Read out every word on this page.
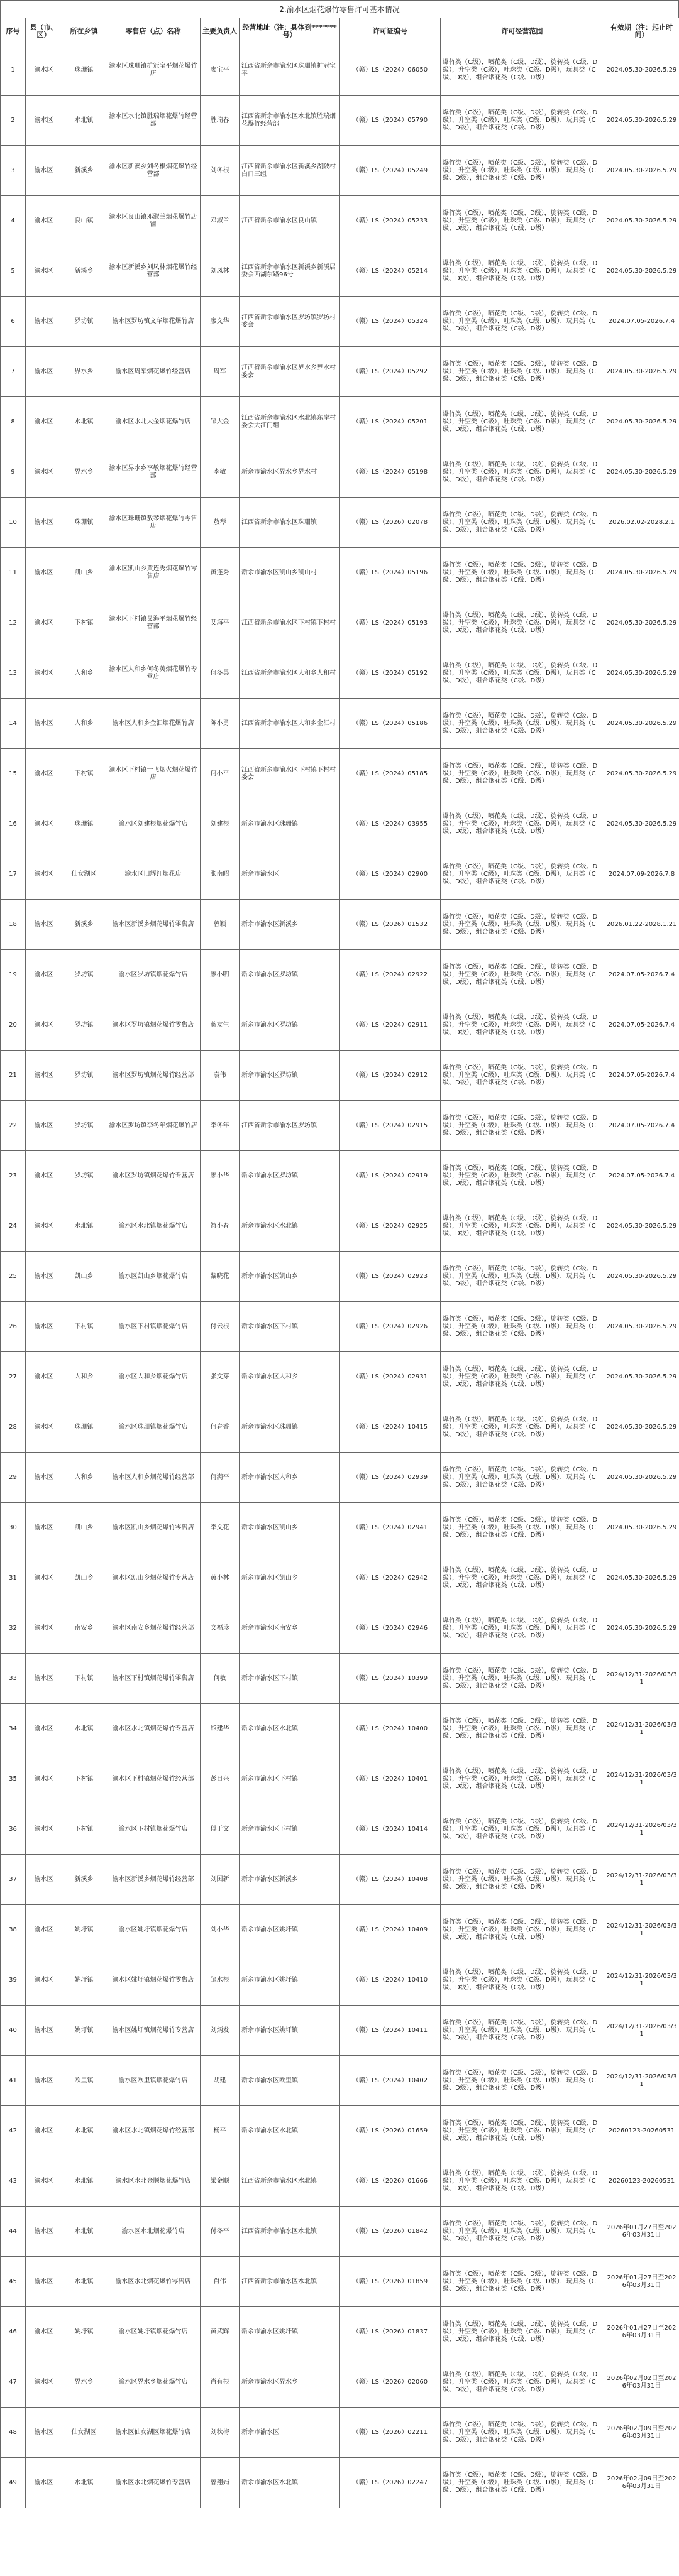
2.渝水区烟花爆竹零售许可基本情况
序号	县（市、区）	所在乡镇	零售店（点）名称	主要负责人	经营地址（注：具体到*******号）	许可证编号	许可经营范围	有效期（注：起止时间）
1	渝水区	珠珊镇	渝水区珠珊镇扩冠宝平烟花爆竹店	廖宝平	江西省新余市渝水区珠珊镇扩冠宝平	（赣）LS（2024）06050	爆竹类（C级），喷花类（C级、D级），旋转类（C级、D级），升空类（C级），吐珠类（C级、D级），玩具类（C级、D级），组合烟花类（C级、D级）	2024.05.30-2026.5.29
2	渝水区	水北镇	渝水区水北镇胜瑞烟花爆竹经营部	胜瑞春	江西省新余市渝水区水北镇胜瑞烟花爆竹经营部	（赣）LS（2024）05790	爆竹类（C级），喷花类（C级、D级），旋转类（C级、D级），升空类（C级），吐珠类（C级、D级），玩具类（C级、D级），组合烟花类（C级、D级）	2024.05.30-2026.5.29
3	渝水区	新溪乡	渝水区新溪乡刘冬根烟花爆竹经营部	刘冬根	江西省新余市渝水区新溪乡湖陂村白口三组	（赣）LS（2024）05249	爆竹类（C级），喷花类（C级、D级），旋转类（C级、D级），升空类（C级），吐珠类（C级、D级），玩具类（C级、D级），组合烟花类（C级、D级）	2024.05.30-2026.5.29
4	渝水区	良山镇	渝水区良山镇邓淑兰烟花爆竹店铺	邓淑兰	江西省新余市渝水区良山镇	（赣）LS（2024）05233	爆竹类（C级），喷花类（C级、D级），旋转类（C级、D级），升空类（C级），吐珠类（C级、D级），玩具类（C级、D级），组合烟花类（C级、D级）	2024.05.30-2026.5.29
5	渝水区	新溪乡	渝水区新溪乡刘凤林烟花爆竹经营部	刘凤林	江西省新余市渝水区新溪乡新溪居委会西湖东路96号	（赣）LS（2024）05214	爆竹类（C级），喷花类（C级、D级），旋转类（C级、D级），升空类（C级），吐珠类（C级、D级），玩具类（C级、D级），组合烟花类（C级、D级）	2024.05.30-2026.5.29
6	渝水区	罗坊镇	渝水区罗坊镇文华烟花爆竹店	廖文华	江西省新余市渝水区罗坊镇罗坊村委会	（赣）LS（2024）05324	爆竹类（C级），喷花类（C级、D级），旋转类（C级、D级），升空类（C级），吐珠类（C级、D级），玩具类（C级、D级），组合烟花类（C级、D级）	2024.07.05-2026.7.4
7	渝水区	界水乡	渝水区周军烟花爆竹经营店	周军	江西省新余市渝水区界水乡界水村委会	（赣）LS（2024）05292	爆竹类（C级），喷花类（C级、D级），旋转类（C级、D级），升空类（C级），吐珠类（C级、D级），玩具类（C级、D级），组合烟花类（C级、D级）	2024.05.30-2026.5.29
8	渝水区	水北镇	渝水区水北大金烟花爆竹店	邹大金	江西省新余市渝水区水北镇东岸村委会大江门组	（赣）LS（2024）05201	爆竹类（C级），喷花类（C级、D级），旋转类（C级、D级），升空类（C级），吐珠类（C级、D级），玩具类（C级、D级），组合烟花类（C级、D级）	2024.05.30-2026.5.29
9	渝水区	界水乡	渝水区界水乡李敏烟花爆竹经营部	李敏	新余市渝水区界水乡界水村	（赣）LS（2024）05198	爆竹类（C级），喷花类（C级、D级），旋转类（C级、D级），升空类（C级），吐珠类（C级、D级），玩具类（C级、D级），组合烟花类（C级、D级）	2024.05.30-2026.5.29
10	渝水区	珠珊镇	渝水区珠珊镇敖琴烟花爆竹零售店	敖琴	江西省新余市渝水区珠珊镇	（赣）LS（2026）02078	爆竹类（C级），喷花类（C级、D级），旋转类（C级、D级），升空类（C级），吐珠类（C级、D级），玩具类（C级、D级），组合烟花类（C级、D级）	2026.02.02-2028.2.1
11	渝水区	凯山乡	渝水区凯山乡黄连秀烟花爆竹零售店	黄连秀	新余市渝水区凯山乡凯山村	（赣）LS（2024）05196	爆竹类（C级），喷花类（C级、D级），旋转类（C级、D级），升空类（C级），吐珠类（C级、D级），玩具类（C级、D级），组合烟花类（C级、D级）	2024.05.30-2026.5.29
12	渝水区	下村镇	渝水区下村镇艾海平烟花爆竹经营部	艾海平	江西省新余市渝水区下村镇下村村	（赣）LS（2024）05193	爆竹类（C级），喷花类（C级、D级），旋转类（C级、D级），升空类（C级），吐珠类（C级、D级），玩具类（C级、D级），组合烟花类（C级、D级）	2024.05.30-2026.5.29
13	渝水区	人和乡	渝水区人和乡何冬英烟花爆竹专营店	何冬英	江西省新余市渝水区人和乡人和村	（赣）LS（2024）05192	爆竹类（C级），喷花类（C级、D级），旋转类（C级、D级），升空类（C级），吐珠类（C级、D级），玩具类（C级、D级），组合烟花类（C级、D级）	2024.05.30-2026.5.29
14	渝水区	人和乡	渝水区人和乡金汇烟花爆竹店	陈小勇	江西省新余市渝水区人和乡金汇村	（赣）LS（2024）05186	爆竹类（C级），喷花类（C级、D级），旋转类（C级、D级），升空类（C级），吐珠类（C级、D级），玩具类（C级、D级），组合烟花类（C级、D级）	2024.05.30-2026.5.29
15	渝水区	下村镇	渝水区下村镇一飞烟火烟花爆竹店	何小平	江西省新余市渝水区下村镇下村村委会	（赣）LS（2024）05185	爆竹类（C级），喷花类（C级、D级），旋转类（C级、D级），升空类（C级），吐珠类（C级、D级），玩具类（C级、D级），组合烟花类（C级、D级）	2024.05.30-2026.5.29
16	渝水区	珠珊镇	渝水区刘建根烟花爆竹店	刘建根	新余市渝水区珠珊镇	（赣）LS（2024）03955	爆竹类（C级），喷花类（C级、D级），旋转类（C级、D级），升空类（C级），吐珠类（C级、D级），玩具类（C级、D级），组合烟花类（C级、D级）	2024.05.30-2026.5.29
17	渝水区	仙女湖区	渝水区旧辉红烟花店	张南昭	新余市渝水区	（赣）LS（2024）02900	爆竹类（C级），喷花类（C级、D级），旋转类（C级、D级），升空类（C级），吐珠类（C级、D级），玩具类（C级、D级），组合烟花类（C级、D级）	2024.07.09-2026.7.8
18	渝水区	新溪乡	渝水区新溪乡烟花爆竹零售店	曾颖	新余市渝水区新溪乡	（赣）LS（2026）01532	爆竹类（C级），喷花类（C级、D级），旋转类（C级、D级），升空类（C级），吐珠类（C级、D级），玩具类（C级、D级），组合烟花类（C级、D级）	2026.01.22-2028.1.21
19	渝水区	罗坊镇	渝水区罗坊镇烟花爆竹店	廖小明	新余市渝水区罗坊镇	（赣）LS（2024）02922	爆竹类（C级），喷花类（C级、D级），旋转类（C级、D级），升空类（C级），吐珠类（C级、D级），玩具类（C级、D级），组合烟花类（C级、D级）	2024.07.05-2026.7.4
20	渝水区	罗坊镇	渝水区罗坊镇烟花爆竹零售店	蒋友生	新余市渝水区罗坊镇	（赣）LS（2024）02911	爆竹类（C级），喷花类（C级、D级），旋转类（C级、D级），升空类（C级），吐珠类（C级、D级），玩具类（C级、D级），组合烟花类（C级、D级）	2024.07.05-2026.7.4
21	渝水区	罗坊镇	渝水区罗坊镇烟花爆竹经营部	袁伟	新余市渝水区罗坊镇	（赣）LS（2024）02912	爆竹类（C级），喷花类（C级、D级），旋转类（C级、D级），升空类（C级），吐珠类（C级、D级），玩具类（C级、D级），组合烟花类（C级、D级）	2024.07.05-2026.7.4
22	渝水区	罗坊镇	渝水区罗坊镇李冬年烟花爆竹店	李冬年	江西省新余市渝水区罗坊镇	（赣）LS（2024）02915	爆竹类（C级），喷花类（C级、D级），旋转类（C级、D级），升空类（C级），吐珠类（C级、D级），玩具类（C级、D级），组合烟花类（C级、D级）	2024.07.05-2026.7.4
23	渝水区	罗坊镇	渝水区罗坊镇烟花爆竹专营店	廖小华	新余市渝水区罗坊镇	（赣）LS（2024）02919	爆竹类（C级），喷花类（C级、D级），旋转类（C级、D级），升空类（C级），吐珠类（C级、D级），玩具类（C级、D级），组合烟花类（C级、D级）	2024.07.05-2026.7.4
24	渝水区	水北镇	渝水区水北镇烟花爆竹店	简小春	新余市渝水区水北镇	（赣）LS（2024）02925	爆竹类（C级），喷花类（C级、D级），旋转类（C级、D级），升空类（C级），吐珠类（C级、D级），玩具类（C级、D级），组合烟花类（C级、D级）	2024.05.30-2026.5.29
25	渝水区	凯山乡	渝水区凯山乡烟花爆竹店	黎晓花	新余市渝水区凯山乡	（赣）LS（2024）02923	爆竹类（C级），喷花类（C级、D级），旋转类（C级、D级），升空类（C级），吐珠类（C级、D级），玩具类（C级、D级），组合烟花类（C级、D级）	2024.05.30-2026.5.29
26	渝水区	下村镇	渝水区下村镇烟花爆竹店	付云根	新余市渝水区下村镇	（赣）LS（2024）02926	爆竹类（C级），喷花类（C级、D级），旋转类（C级、D级），升空类（C级），吐珠类（C级、D级），玩具类（C级、D级），组合烟花类（C级、D级）	2024.05.30-2026.5.29
27	渝水区	人和乡	渝水区人和乡烟花爆竹店	张文芽	新余市渝水区人和乡	（赣）LS（2024）02931	爆竹类（C级），喷花类（C级、D级），旋转类（C级、D级），升空类（C级），吐珠类（C级、D级），玩具类（C级、D级），组合烟花类（C级、D级）	2024.05.30-2026.5.29
28	渝水区	珠珊镇	渝水区珠珊镇烟花爆竹店	何春香	新余市渝水区珠珊镇	（赣）LS（2024）10415	爆竹类（C级），喷花类（C级、D级），旋转类（C级、D级），升空类（C级），吐珠类（C级、D级），玩具类（C级、D级），组合烟花类（C级、D级）	2024.05.30-2026.5.29
29	渝水区	人和乡	渝水区人和乡烟花爆竹经营部	何满平	新余市渝水区人和乡	（赣）LS（2024）02939	爆竹类（C级），喷花类（C级、D级），旋转类（C级、D级），升空类（C级），吐珠类（C级、D级），玩具类（C级、D级），组合烟花类（C级、D级）	2024.05.30-2026.5.29
30	渝水区	凯山乡	渝水区凯山乡烟花爆竹零售店	李文花	新余市渝水区凯山乡	（赣）LS（2024）02941	爆竹类（C级），喷花类（C级、D级），旋转类（C级、D级），升空类（C级），吐珠类（C级、D级），玩具类（C级、D级），组合烟花类（C级、D级）	2024.05.30-2026.5.29
31	渝水区	凯山乡	渝水区凯山乡烟花爆竹专营店	黄小林	新余市渝水区凯山乡	（赣）LS（2024）02942	爆竹类（C级），喷花类（C级、D级），旋转类（C级、D级），升空类（C级），吐珠类（C级、D级），玩具类（C级、D级），组合烟花类（C级、D级）	2024.05.30-2026.5.29
32	渝水区	南安乡	渝水区南安乡烟花爆竹经营部	文福珍	新余市渝水区南安乡	（赣）LS（2024）02946	爆竹类（C级），喷花类（C级、D级），旋转类（C级、D级），升空类（C级），吐珠类（C级、D级），玩具类（C级、D级），组合烟花类（C级、D级）	2024.05.30-2026.5.29
33	渝水区	下村镇	渝水区下村镇烟花爆竹零售店	何敏	新余市渝水区下村镇	（赣）LS（2024）10399	爆竹类（C级），喷花类（C级、D级），旋转类（C级、D级），升空类（C级），吐珠类（C级、D级），玩具类（C级、D级），组合烟花类（C级、D级）	2024/12/31-2026/03/31
34	渝水区	水北镇	渝水区水北镇烟花爆竹专营店	熊建华	新余市渝水区水北镇	（赣）LS（2024）10400	爆竹类（C级），喷花类（C级、D级），旋转类（C级、D级），升空类（C级），吐珠类（C级、D级），玩具类（C级、D级），组合烟花类（C级、D级）	2024/12/31-2026/03/31
35	渝水区	下村镇	渝水区下村镇烟花爆竹经营部	彭日兴	新余市渝水区下村镇	（赣）LS（2024）10401	爆竹类（C级），喷花类（C级、D级），旋转类（C级、D级），升空类（C级），吐珠类（C级、D级），玩具类（C级、D级），组合烟花类（C级、D级）	2024/12/31-2026/03/31
36	渝水区	下村镇	渝水区下村镇烟花爆竹店	傅于文	新余市渝水区下村镇	（赣）LS（2024）10414	爆竹类（C级），喷花类（C级、D级），旋转类（C级、D级），升空类（C级），吐珠类（C级、D级），玩具类（C级、D级），组合烟花类（C级、D级）	2024/12/31-2026/03/31
37	渝水区	新溪乡	渝水区新溪乡烟花爆竹经营部	刘国新	新余市渝水区新溪乡	（赣）LS（2024）10408	爆竹类（C级），喷花类（C级、D级），旋转类（C级、D级），升空类（C级），吐珠类（C级、D级），玩具类（C级、D级），组合烟花类（C级、D级）	2024/12/31-2026/03/31
38	渝水区	姚圩镇	渝水区姚圩镇烟花爆竹店	刘小华	新余市渝水区姚圩镇	（赣）LS（2024）10409	爆竹类（C级），喷花类（C级、D级），旋转类（C级、D级），升空类（C级），吐珠类（C级、D级），玩具类（C级、D级），组合烟花类（C级、D级）	2024/12/31-2026/03/31
39	渝水区	姚圩镇	渝水区姚圩镇烟花爆竹零售店	邹水根	新余市渝水区姚圩镇	（赣）LS（2024）10410	爆竹类（C级），喷花类（C级、D级），旋转类（C级、D级），升空类（C级），吐珠类（C级、D级），玩具类（C级、D级），组合烟花类（C级、D级）	2024/12/31-2026/03/31
40	渝水区	姚圩镇	渝水区姚圩镇烟花爆竹专营店	刘炳发	新余市渝水区姚圩镇	（赣）LS（2024）10411	爆竹类（C级），喷花类（C级、D级），旋转类（C级、D级），升空类（C级），吐珠类（C级、D级），玩具类（C级、D级），组合烟花类（C级、D级）	2024/12/31-2026/03/31
41	渝水区	欧里镇	渝水区欧里镇烟花爆竹店	胡建	新余市渝水区欧里镇	（赣）LS（2024）10402	爆竹类（C级），喷花类（C级、D级），旋转类（C级、D级），升空类（C级），吐珠类（C级、D级），玩具类（C级、D级），组合烟花类（C级、D级）	2024/12/31-2026/03/31
42	渝水区	水北镇	渝水区水北镇烟花爆竹经营部	杨平	新余市渝水区水北镇	（赣）LS（2026）01659	爆竹类（C级），喷花类（C级、D级），旋转类（C级、D级），升空类（C级），吐珠类（C级、D级），玩具类（C级、D级），组合烟花类（C级、D级）	20260123-20260531
43	渝水区	水北镇	渝水区水北金顺烟花爆竹店	梁金顺	江西省新余市渝水区水北镇	（赣）LS（2026）01666	爆竹类（C级），喷花类（C级、D级），旋转类（C级、D级），升空类（C级），吐珠类（C级、D级），玩具类（C级、D级），组合烟花类（C级、D级）	20260123-20260531
44	渝水区	水北镇	渝水区水北烟花爆竹店	付冬平	江西省新余市渝水区水北镇	（赣）LS（2026）01842	爆竹类（C级），喷花类（C级、D级），旋转类（C级、D级），升空类（C级），吐珠类（C级、D级），玩具类（C级、D级），组合烟花类（C级、D级）	2026年01月27日至2026年03月31日
45	渝水区	水北镇	渝水区水北烟花爆竹零售店	肖伟	江西省新余市渝水区水北镇	（赣）LS（2026）01859	爆竹类（C级），喷花类（C级、D级），旋转类（C级、D级），升空类（C级），吐珠类（C级、D级），玩具类（C级、D级），组合烟花类（C级、D级）	2026年01月27日至2026年03月31日
46	渝水区	姚圩镇	渝水区姚圩镇烟花爆竹店	黄武辉	新余市渝水区姚圩镇	（赣）LS（2026）01837	爆竹类（C级），喷花类（C级、D级），旋转类（C级、D级），升空类（C级），吐珠类（C级、D级），玩具类（C级、D级），组合烟花类（C级、D级）	2026年01月27日至2026年03月31日
47	渝水区	界水乡	渝水区界水乡烟花爆竹店	肖有根	新余市渝水区界水乡	（赣）LS（2026）02060	爆竹类（C级），喷花类（C级、D级），旋转类（C级、D级），升空类（C级），吐珠类（C级、D级），玩具类（C级、D级），组合烟花类（C级、D级）	2026年02月02日至2026年03月31日
48	渝水区	仙女湖区	渝水区仙女湖区烟花爆竹店	刘秋梅	新余市渝水区	（赣）LS（2026）02211	爆竹类（C级），喷花类（C级、D级），旋转类（C级、D级），升空类（C级），吐珠类（C级、D级），玩具类（C级、D级），组合烟花类（C级、D级）	2026年02月09日至2026年03月31日
49	渝水区	水北镇	渝水区水北烟花爆竹专营店	曾翔娟	新余市渝水区水北镇	（赣）LS（2026）02247	爆竹类（C级），喷花类（C级、D级），旋转类（C级、D级），升空类（C级），吐珠类（C级、D级），玩具类（C级、D级），组合烟花类（C级、D级）	2026年02月09日至2026年03月31日
